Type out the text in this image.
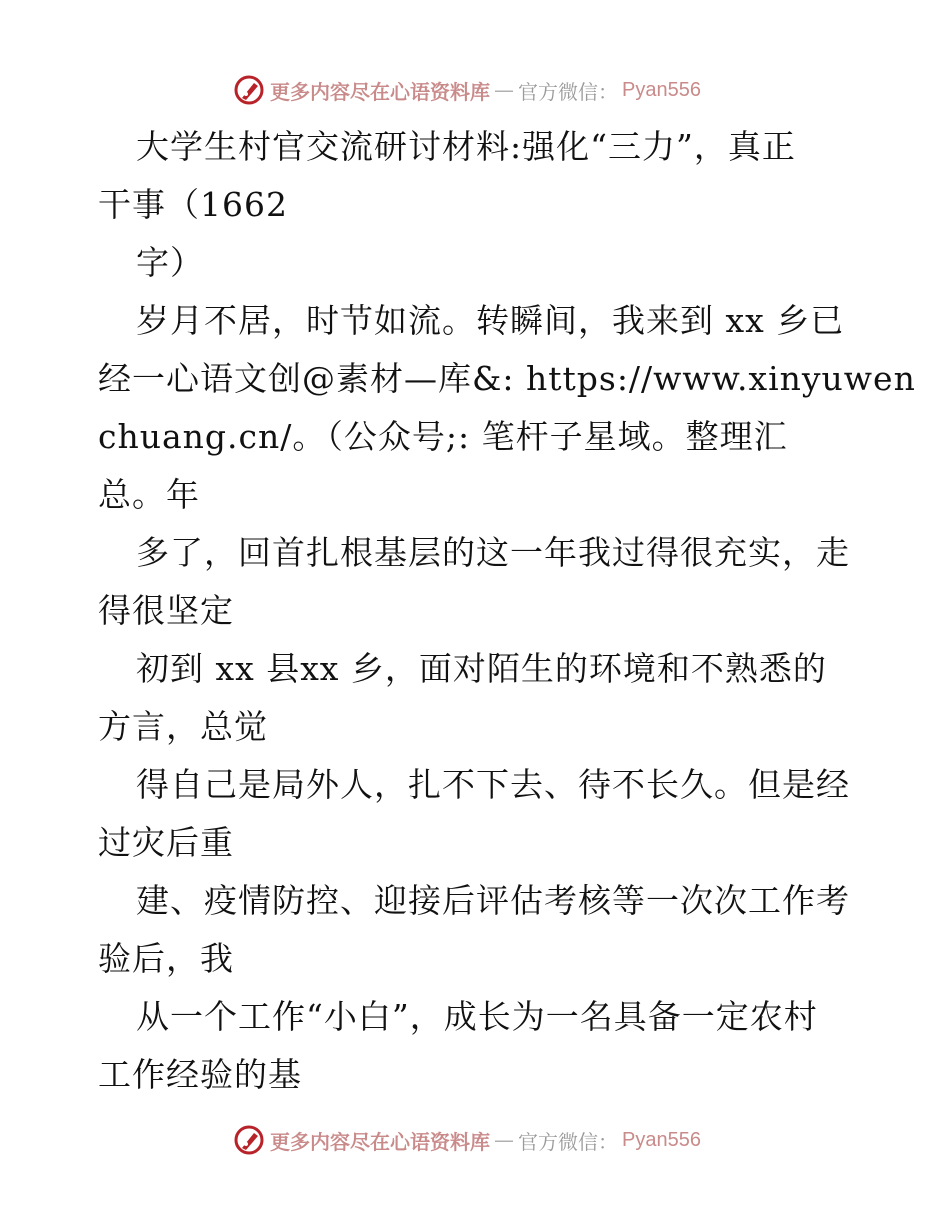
更多内容尽在心语资料库 — 官方微信： Pyan556
大学生村官交流研讨材料:强化“三力”，真正
干事（1662
字）
岁月不居，时节如流。转瞬间，我来到 xx 乡已
经一心语文创@素材—库&: https://www.xinyuwen
chuang.cn/。（公众号;: 笔杆子星域。整理汇
总。年
多了，回首扎根基层的这一年我过得很充实，走
得很坚定
初到 xx 县xx 乡，面对陌生的环境和不熟悉的
方言，总觉
得自己是局外人，扎不下去、待不长久。但是经
过灾后重
建、疫情防控、迎接后评估考核等一次次工作考
验后，我
从一个工作“小白”，成长为一名具备一定农村
工作经验的基
更多内容尽在心语资料库 — 官方微信： Pyan556
